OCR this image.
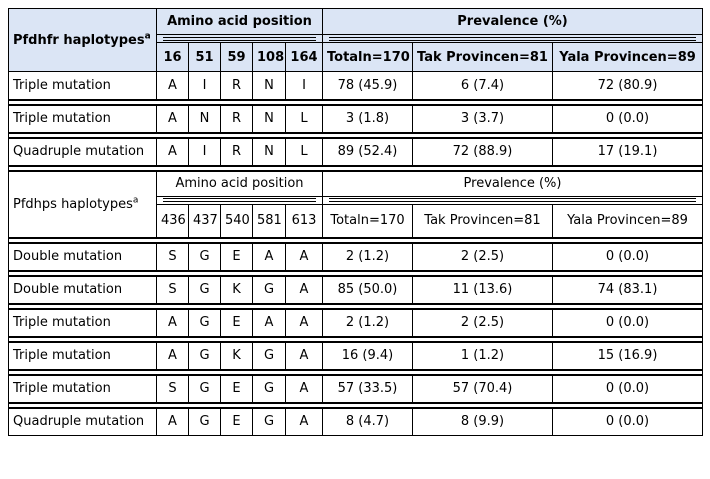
Pfdhfr haplotypes$^a$	Amino acid position					Prevalence (%)		

	16	51	59	108	164	Totaln=170	Tak Provincen=81	Yala Provincen=89
Triple mutation	A	I	R	N	I	78 (45.9)	6 (7.4)	72 (80.9)

Triple mutation	A	N	R	N	L	3 (1.8)	3 (3.7)	0 (0.0)

Quadruple mutation	A	I	R	N	L	89 (52.4)	72 (88.9)	17 (19.1)

Pfdhps haplotypes$^a$	Amino acid position					Prevalence (%)		

	436	437	540	581	613	Totaln=170	Tak Provincen=81	Yala Provincen=89

Double mutation	S	G	E	A	A	2 (1.2)	2 (2.5)	0 (0.0)

Double mutation	S	G	K	G	A	85 (50.0)	11 (13.6)	74 (83.1)

Triple mutation	A	G	E	A	A	2 (1.2)	2 (2.5)	0 (0.0)

Triple mutation	A	G	K	G	A	16 (9.4)	1 (1.2)	15 (16.9)

Triple mutation	S	G	E	G	A	57 (33.5)	57 (70.4)	0 (0.0)

Quadruple mutation	A	G	E	G	A	8 (4.7)	8 (9.9)	0 (0.0)
